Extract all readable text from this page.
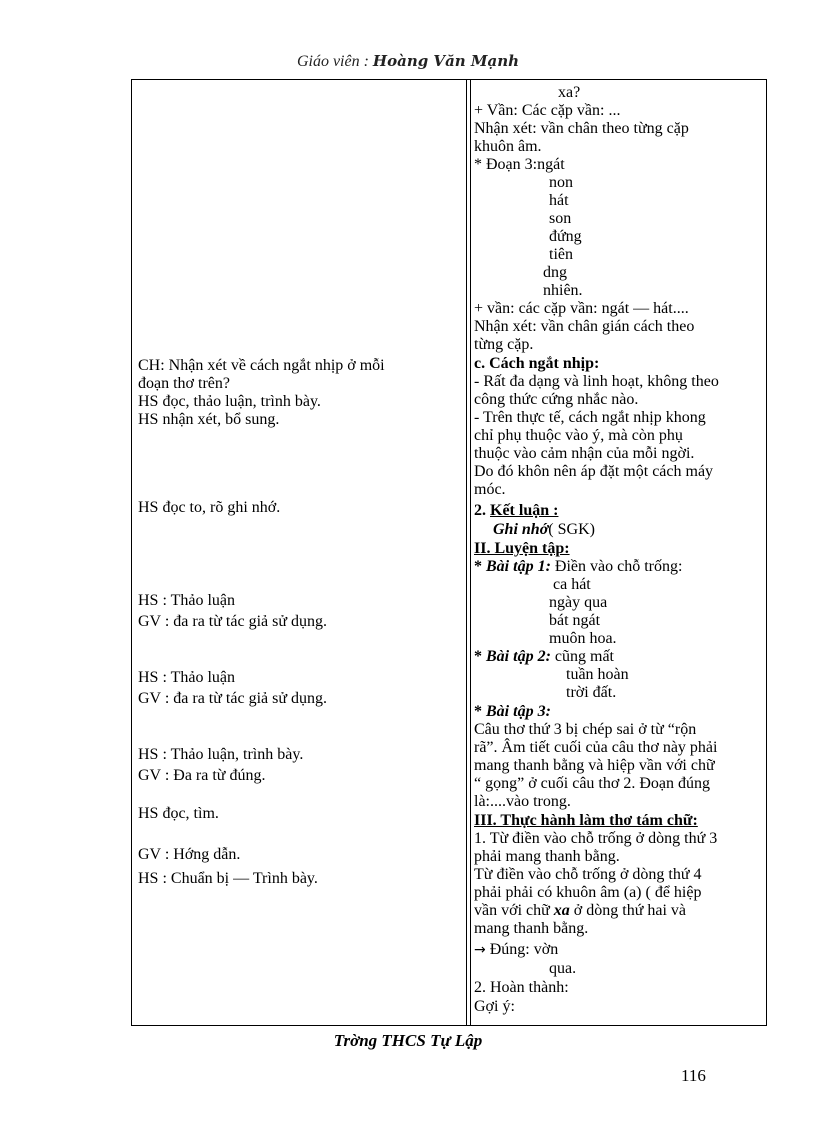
Giáo viên : Hoàng Văn Mạnh
CH: Nhận xét về cách ngắt nhịp ở mỗi
đoạn thơ trên?
HS đọc, thảo luận, trình bày.
HS nhận xét, bổ sung.
HS đọc to, rõ ghi nhớ.
HS : Thảo luận
GV : đa ra từ tác giả sử dụng.
HS : Thảo luận
GV : đa ra từ tác giả sử dụng.
HS : Thảo luận, trình bày.
GV : Đa ra từ đúng.
HS đọc, tìm.
GV : Hớng dẫn.
HS : Chuẩn bị — Trình bày.
xa?
+ Vần: Các cặp vần: ...
Nhận xét: vần chân theo từng cặp
khuôn âm.
* Đoạn 3:ngát
non
hát
son
đứng
tiên
dng
nhiên.
+ vần: các cặp vần: ngát — hát....
Nhận xét: vần chân gián cách theo
từng cặp.
c. Cách ngắt nhịp:
- Rất đa dạng và linh hoạt, không theo
công thức cứng nhắc nào.
- Trên thực tế, cách ngắt nhịp khong
chỉ phụ thuộc vào ý, mà còn phụ
thuộc vào cảm nhận của mỗi ngời.
Do đó khôn nên áp đặt một cách máy
móc.
2. Kết luận :
Ghi nhớ( SGK)
II. Luyện tập:
* Bài tập 1: Điền vào chỗ trống:
ca hát
ngày qua
bát ngát
muôn hoa.
* Bài tập 2: cũng mất
tuần hoàn
trời đất.
* Bài tập 3:
Câu thơ thứ 3 bị chép sai ở từ “rộn
rã”. Âm tiết cuối của câu thơ này phải
mang thanh bằng và hiệp vần với chữ
“ gọng” ở cuối câu thơ 2. Đoạn đúng
là:....vào trong.
III. Thực hành làm thơ tám chữ:
1. Từ điền vào chỗ trống ở dòng thứ 3
phải mang thanh bằng.
Từ điền vào chỗ trống ở dòng thứ 4
phải phải có khuôn âm (a) ( để hiệp
vần với chữ xa ở dòng thứ hai và
mang thanh bằng.
→ Đúng: vờn
qua.
2. Hoàn thành:
Gợi ý:
Trờng THCS Tự Lập
116
